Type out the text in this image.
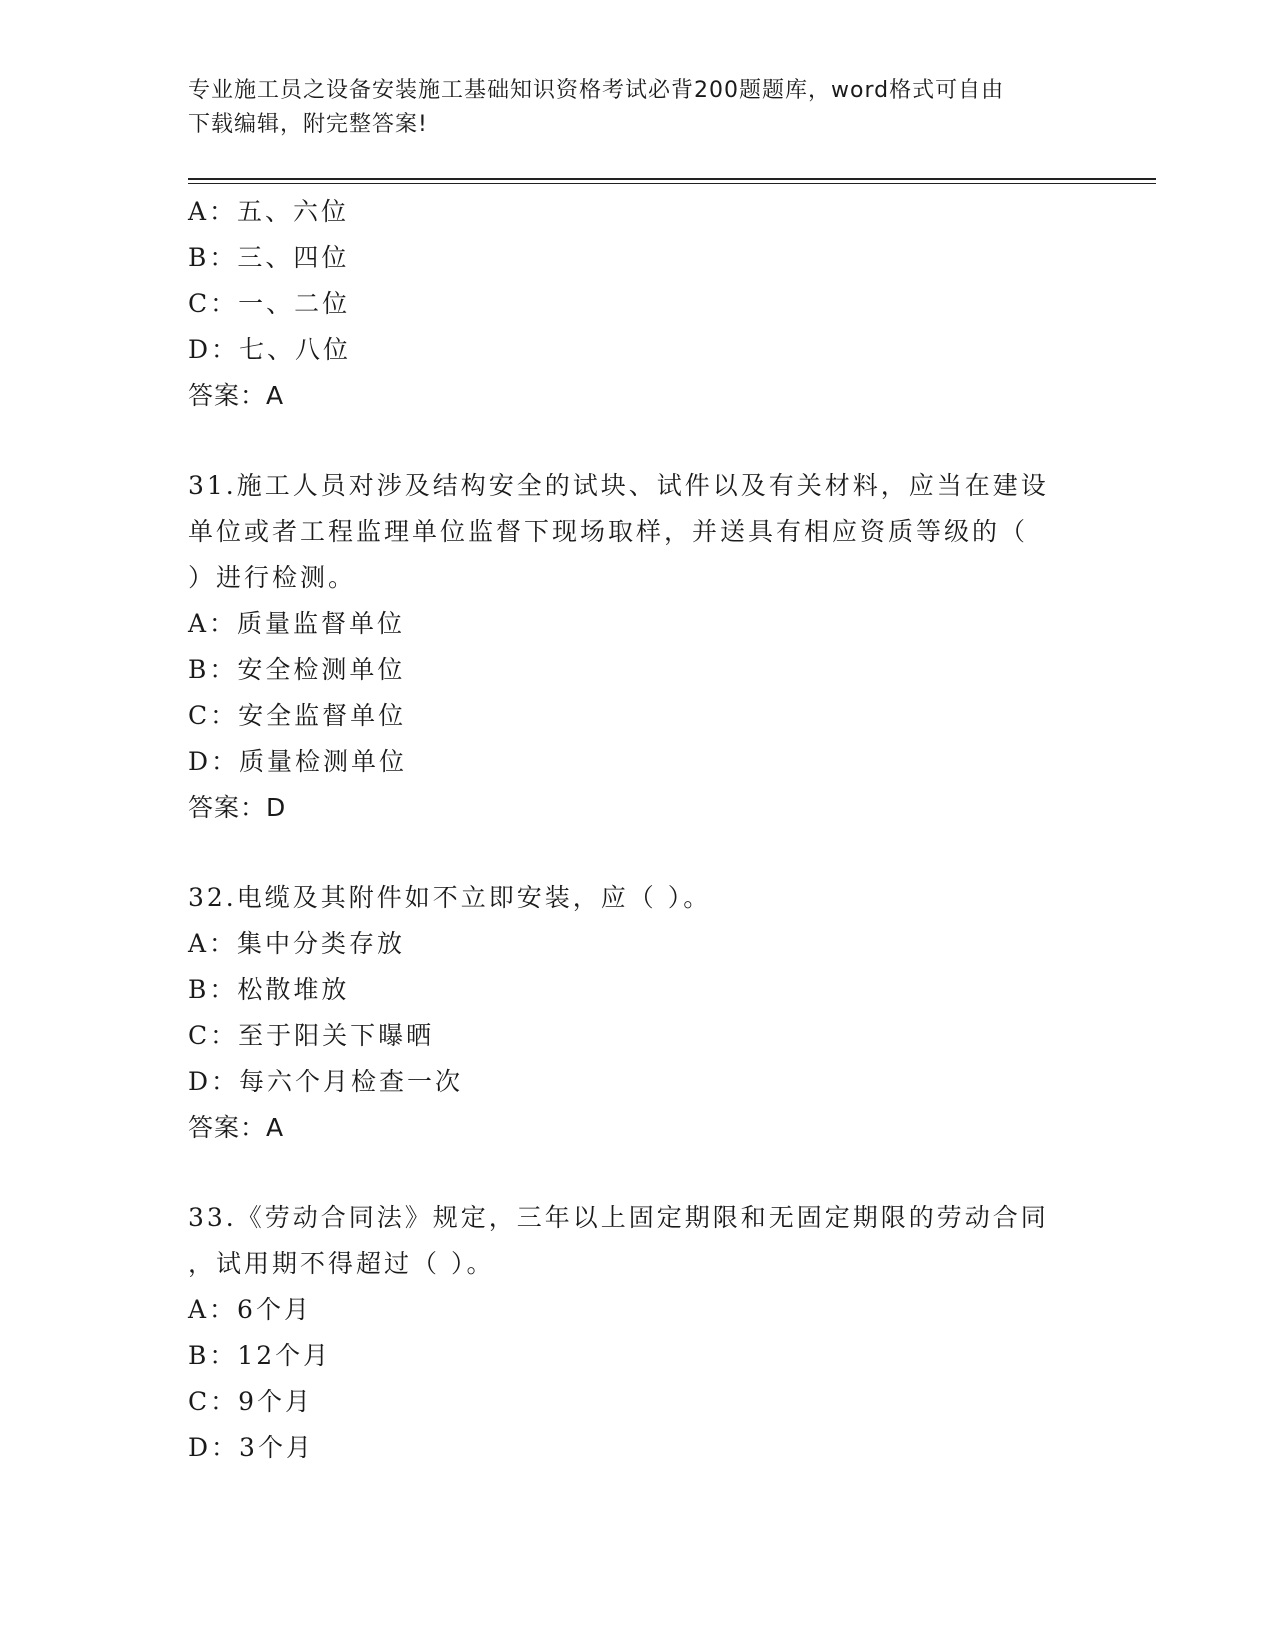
专业施工员之设备安装施工基础知识资格考试必背200题题库，word格式可自由
下载编辑，附完整答案!
A：五、六位
B：三、四位
C：一、二位
D：七、八位
答案：A
31.施工人员对涉及结构安全的试块、试件以及有关材料，应当在建设
单位或者工程监理单位监督下现场取样，并送具有相应资质等级的（
）进行检测。
A：质量监督单位
B：安全检测单位
C：安全监督单位
D：质量检测单位
答案：D
32.电缆及其附件如不立即安装，应（ ）。
A：集中分类存放
B：松散堆放
C：至于阳关下曝晒
D：每六个月检查一次
答案：A
33.《劳动合同法》规定，三年以上固定期限和无固定期限的劳动合同
，试用期不得超过（ ）。
A：6个月
B：12个月
C：9个月
D：3个月
